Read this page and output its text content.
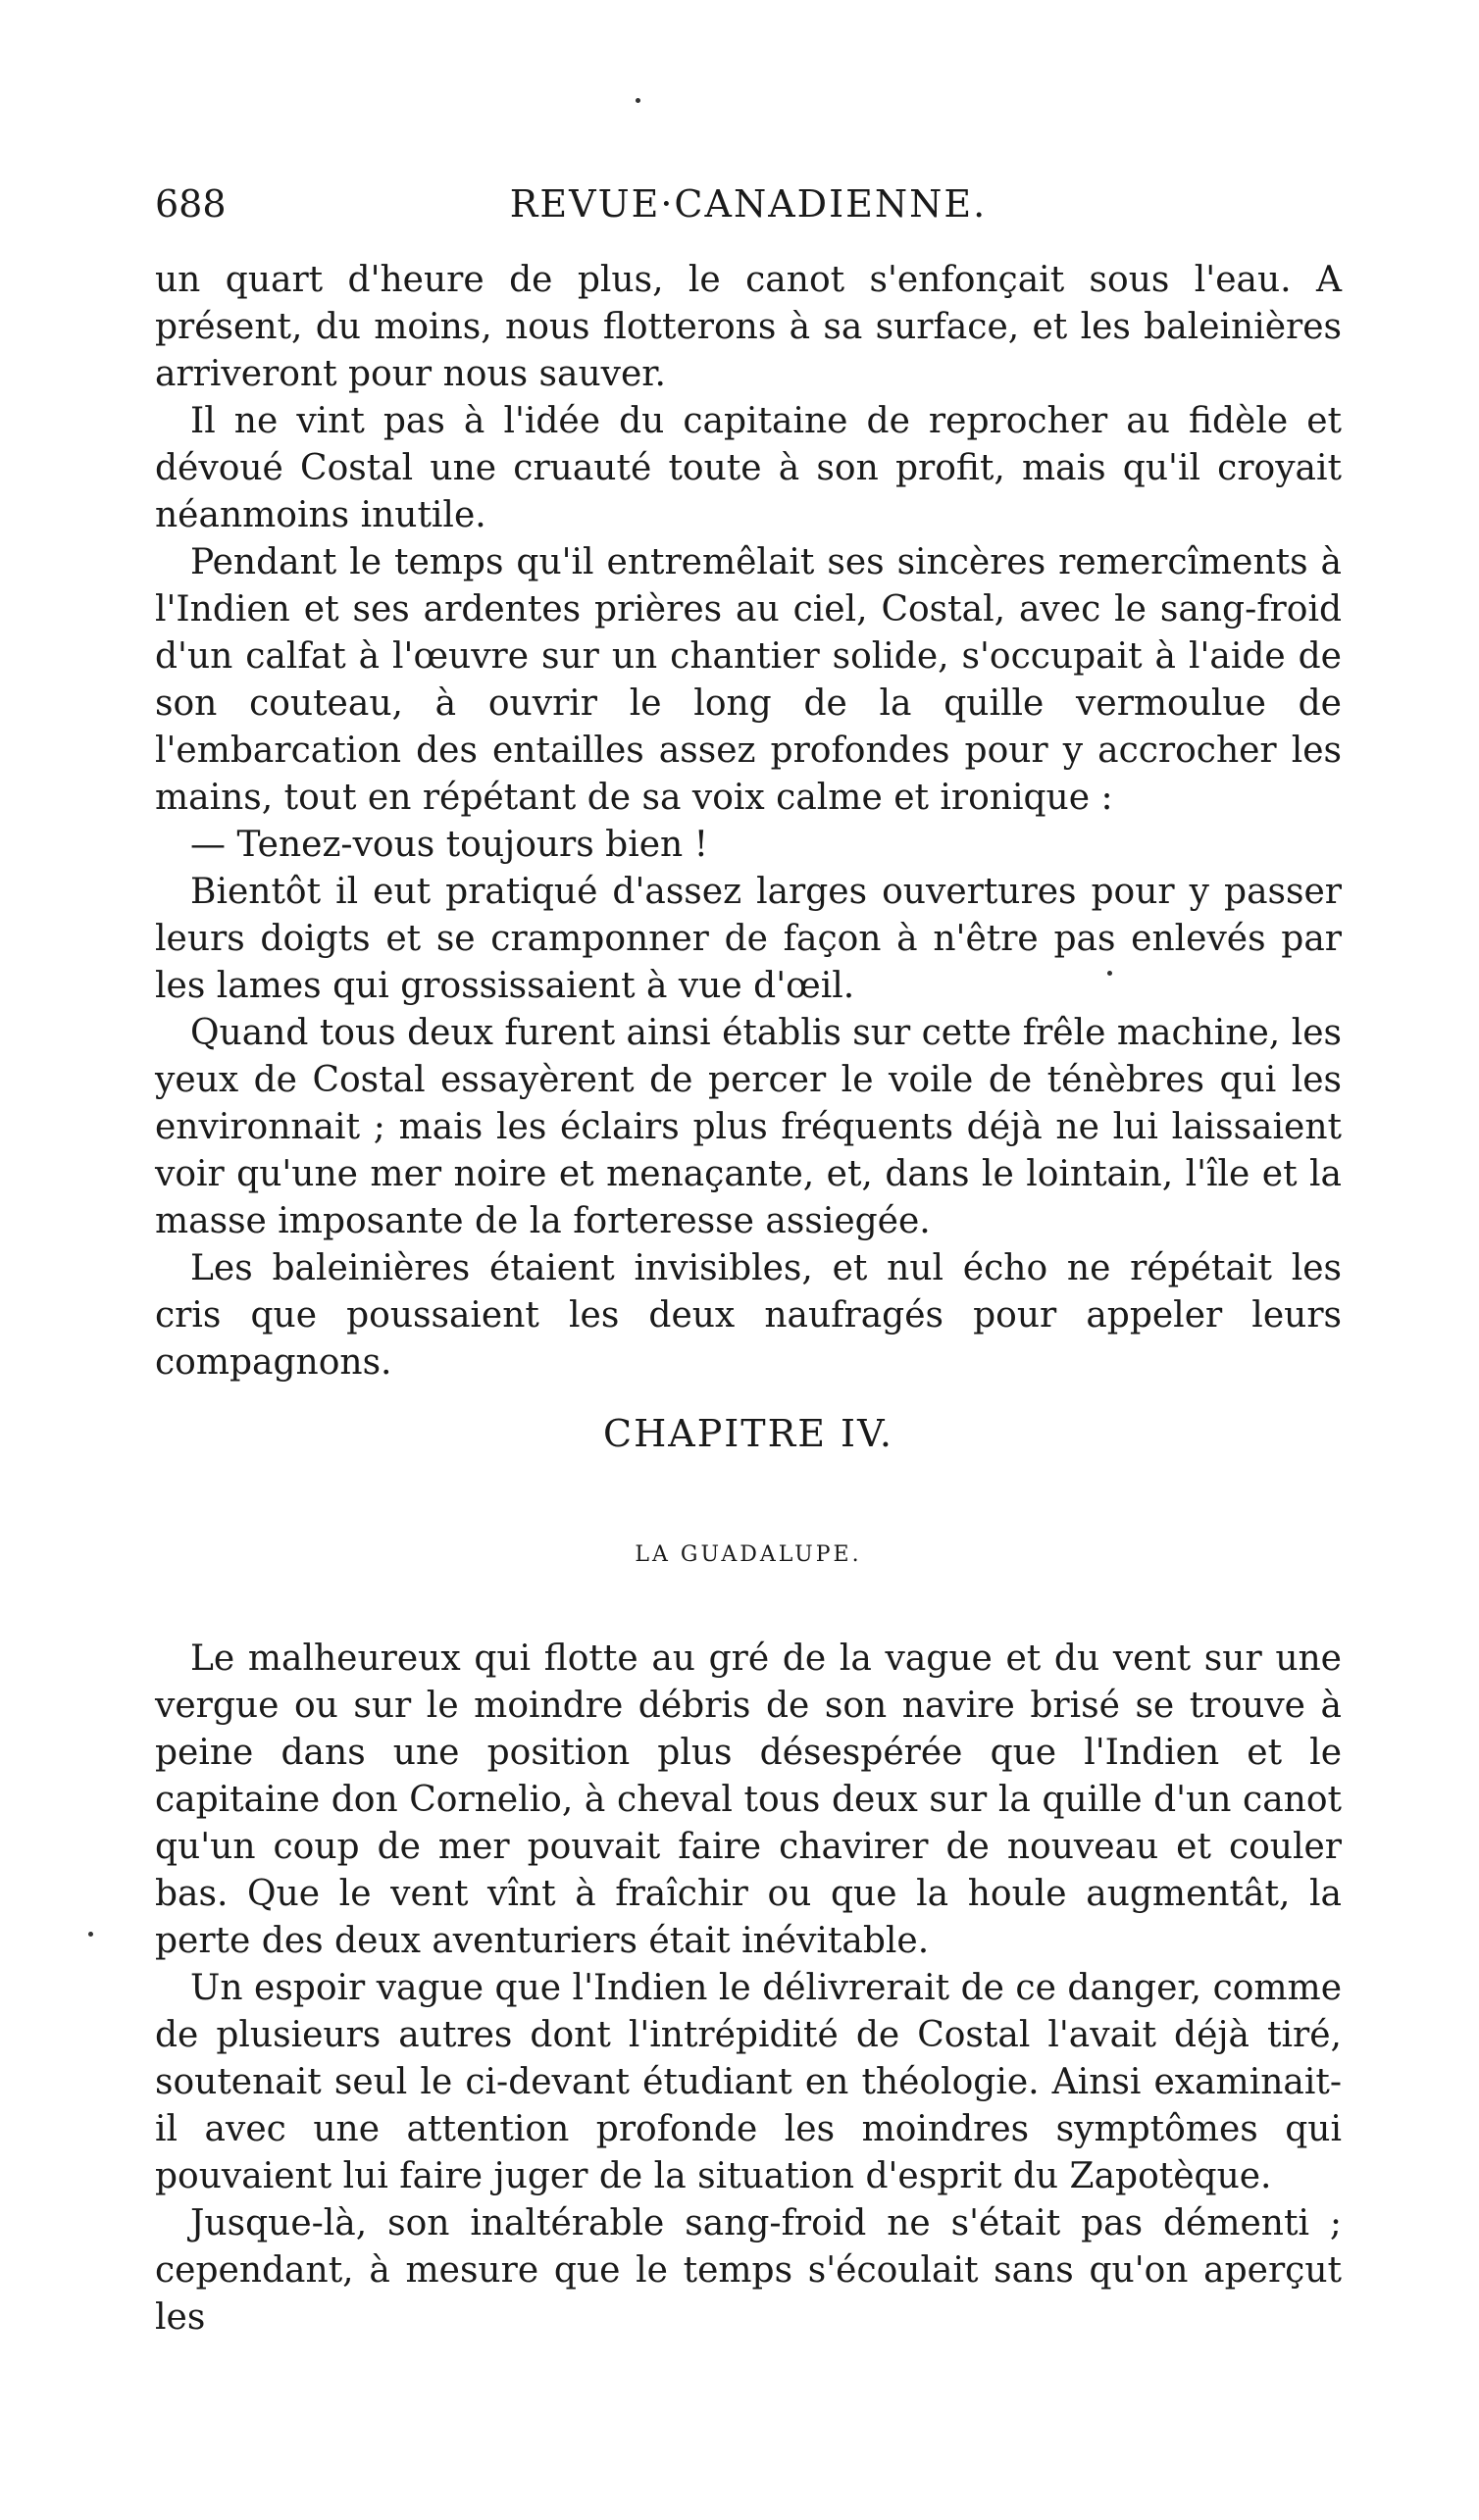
688	REVUE·CANADIENNE.

un quart d'heure de plus, le canot s'enfonçait sous l'eau. A présent, du moins, nous flotterons à sa surface, et les baleinières arriveront pour nous sauver.

Il ne vint pas à l'idée du capitaine de reprocher au fidèle et dévoué Costal une cruauté toute à son profit, mais qu'il croyait néanmoins inutile.

Pendant le temps qu'il entremêlait ses sincères remercîments à l'Indien et ses ardentes prières au ciel, Costal, avec le sang-froid d'un calfat à l'œuvre sur un chantier solide, s'occupait à l'aide de son couteau, à ouvrir le long de la quille vermoulue de l'embarcation des entailles assez profondes pour y accrocher les mains, tout en répétant de sa voix calme et ironique :

— Tenez-vous toujours bien !

Bientôt il eut pratiqué d'assez larges ouvertures pour y passer leurs doigts et se cramponner de façon à n'être pas enlevés par les lames qui grossissaient à vue d'œil.

Quand tous deux furent ainsi établis sur cette frêle machine, les yeux de Costal essayèrent de percer le voile de ténèbres qui les environnait ; mais les éclairs plus fréquents déjà ne lui laissaient voir qu'une mer noire et menaçante, et, dans le lointain, l'île et la masse imposante de la forteresse assiegée.

Les baleinières étaient invisibles, et nul écho ne répétait les cris que poussaient les deux naufragés pour appeler leurs compagnons.

CHAPITRE IV.
LA GUADALUPE.

Le malheureux qui flotte au gré de la vague et du vent sur une vergue ou sur le moindre débris de son navire brisé se trouve à peine dans une position plus désespérée que l'Indien et le capitaine don Cornelio, à cheval tous deux sur la quille d'un canot qu'un coup de mer pouvait faire chavirer de nouveau et couler bas. Que le vent vînt à fraîchir ou que la houle augmentât, la perte des deux aventuriers était inévitable.

Un espoir vague que l'Indien le délivrerait de ce danger, comme de plusieurs autres dont l'intrépidité de Costal l'avait déjà tiré, soutenait seul le ci-devant étudiant en théologie. Ainsi examinait-il avec une attention profonde les moindres symptômes qui pouvaient lui faire juger de la situation d'esprit du Zapotèque.

Jusque-là, son inaltérable sang-froid ne s'était pas démenti ; cependant, à mesure que le temps s'écoulait sans qu'on aperçut les
